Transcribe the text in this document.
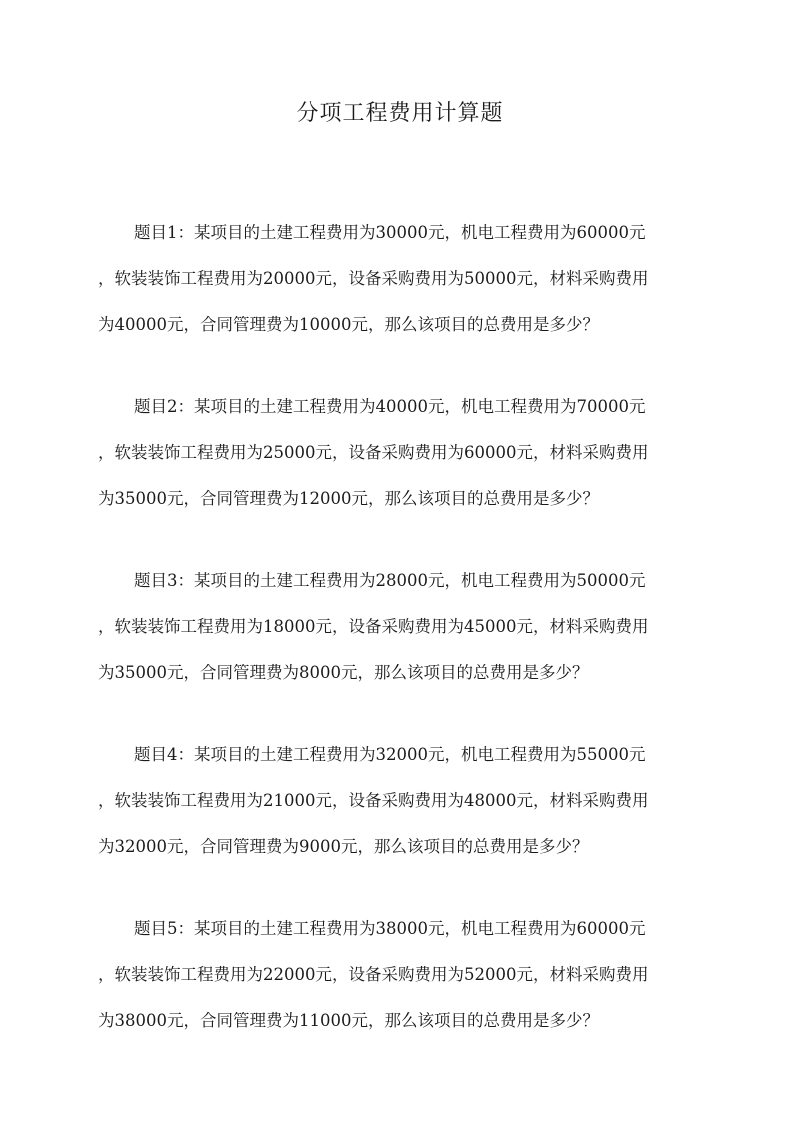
分项工程费用计算题
题目1：某项目的土建工程费用为30000元，机电工程费用为60000元
，软装装饰工程费用为20000元，设备采购费用为50000元，材料采购费用
为40000元，合同管理费为10000元，那么该项目的总费用是多少？
题目2：某项目的土建工程费用为40000元，机电工程费用为70000元
，软装装饰工程费用为25000元，设备采购费用为60000元，材料采购费用
为35000元，合同管理费为12000元，那么该项目的总费用是多少？
题目3：某项目的土建工程费用为28000元，机电工程费用为50000元
，软装装饰工程费用为18000元，设备采购费用为45000元，材料采购费用
为35000元，合同管理费为8000元，那么该项目的总费用是多少？
题目4：某项目的土建工程费用为32000元，机电工程费用为55000元
，软装装饰工程费用为21000元，设备采购费用为48000元，材料采购费用
为32000元，合同管理费为9000元，那么该项目的总费用是多少？
题目5：某项目的土建工程费用为38000元，机电工程费用为60000元
，软装装饰工程费用为22000元，设备采购费用为52000元，材料采购费用
为38000元，合同管理费为11000元，那么该项目的总费用是多少？
